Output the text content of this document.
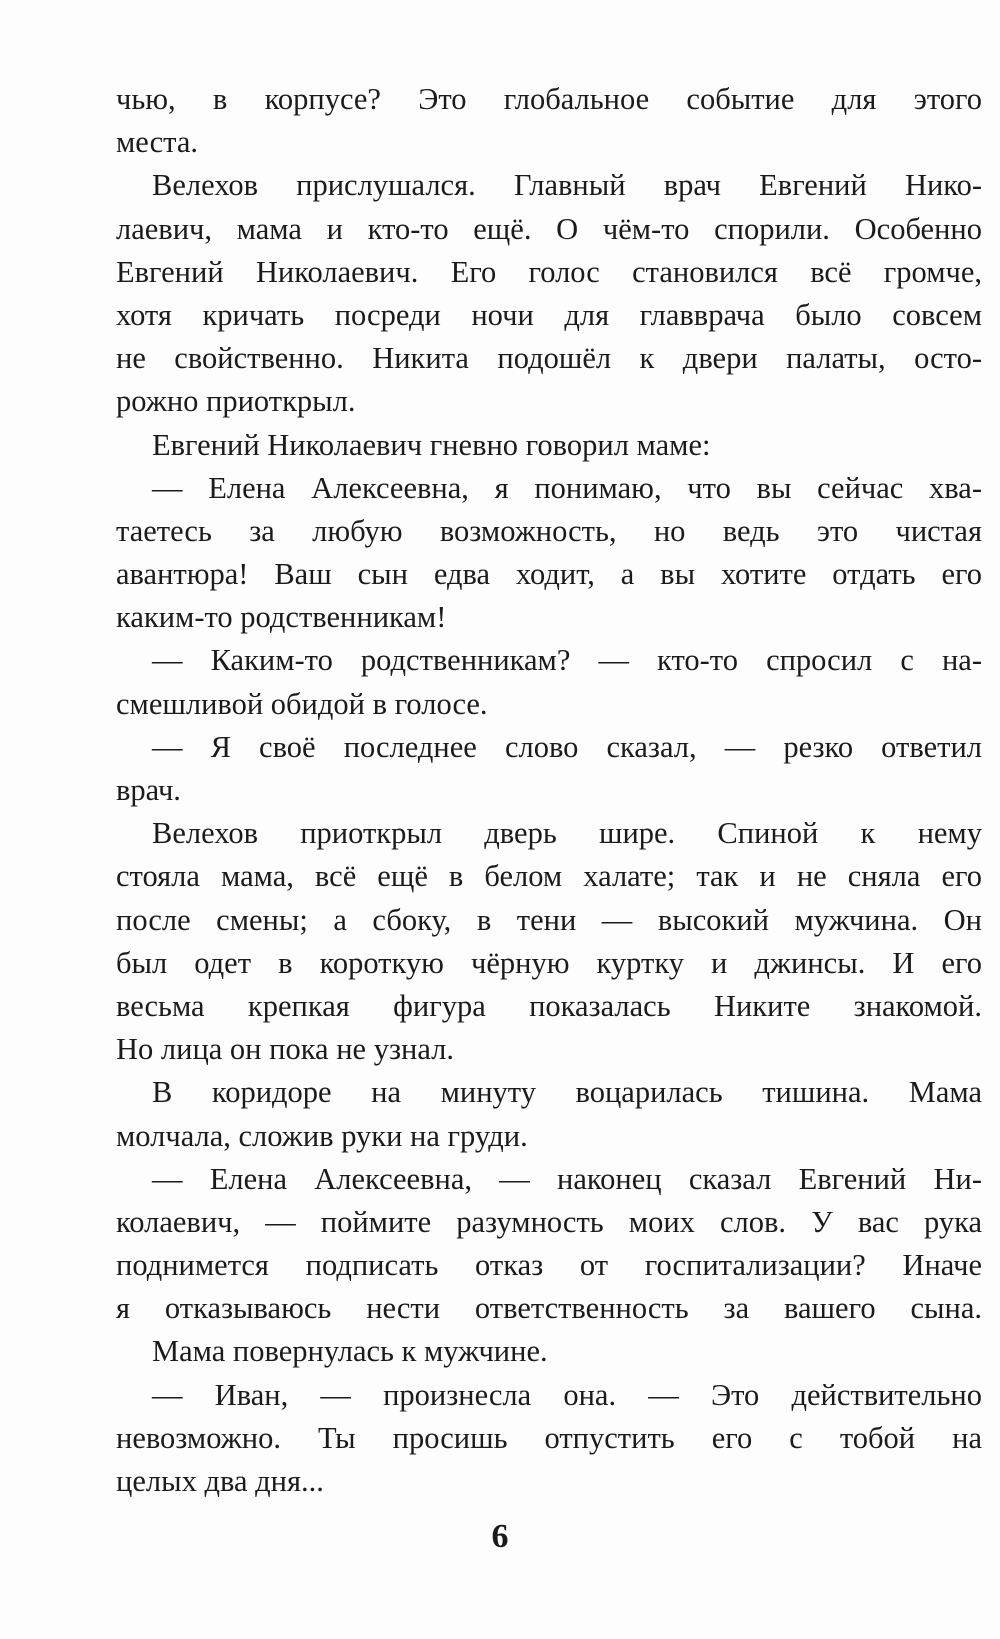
чью, в корпусе? Это глобальное событие для этого
места.
Велехов прислушался. Главный врач Евгений Нико-
лаевич, мама и кто-то ещё. О чём-то спорили. Особенно
Евгений Николаевич. Его голос становился всё громче,
хотя кричать посреди ночи для главврача было совсем
не свойственно. Никита подошёл к двери палаты, осто-
рожно приоткрыл.
Евгений Николаевич гневно говорил маме:
— Елена Алексеевна, я понимаю, что вы сейчас хва-
таетесь за любую возможность, но ведь это чистая
авантюра! Ваш сын едва ходит, а вы хотите отдать его
каким-то родственникам!
— Каким-то родственникам? — кто-то спросил с на-
смешливой обидой в голосе.
— Я своё последнее слово сказал, — резко ответил
врач.
Велехов приоткрыл дверь шире. Спиной к нему
стояла мама, всё ещё в белом халате; так и не сняла его
после смены; а сбоку, в тени — высокий мужчина. Он
был одет в короткую чёрную куртку и джинсы. И его
весьма крепкая фигура показалась Никите знакомой.
Но лица он пока не узнал.
В коридоре на минуту воцарилась тишина. Мама
молчала, сложив руки на груди.
— Елена Алексеевна, — наконец сказал Евгений Ни-
колаевич, — поймите разумность моих слов. У вас рука
поднимется подписать отказ от госпитализации? Иначе
я отказываюсь нести ответственность за вашего сына.
Мама повернулась к мужчине.
— Иван, — произнесла она. — Это действительно
невозможно. Ты просишь отпустить его с тобой на
целых два дня...
6
